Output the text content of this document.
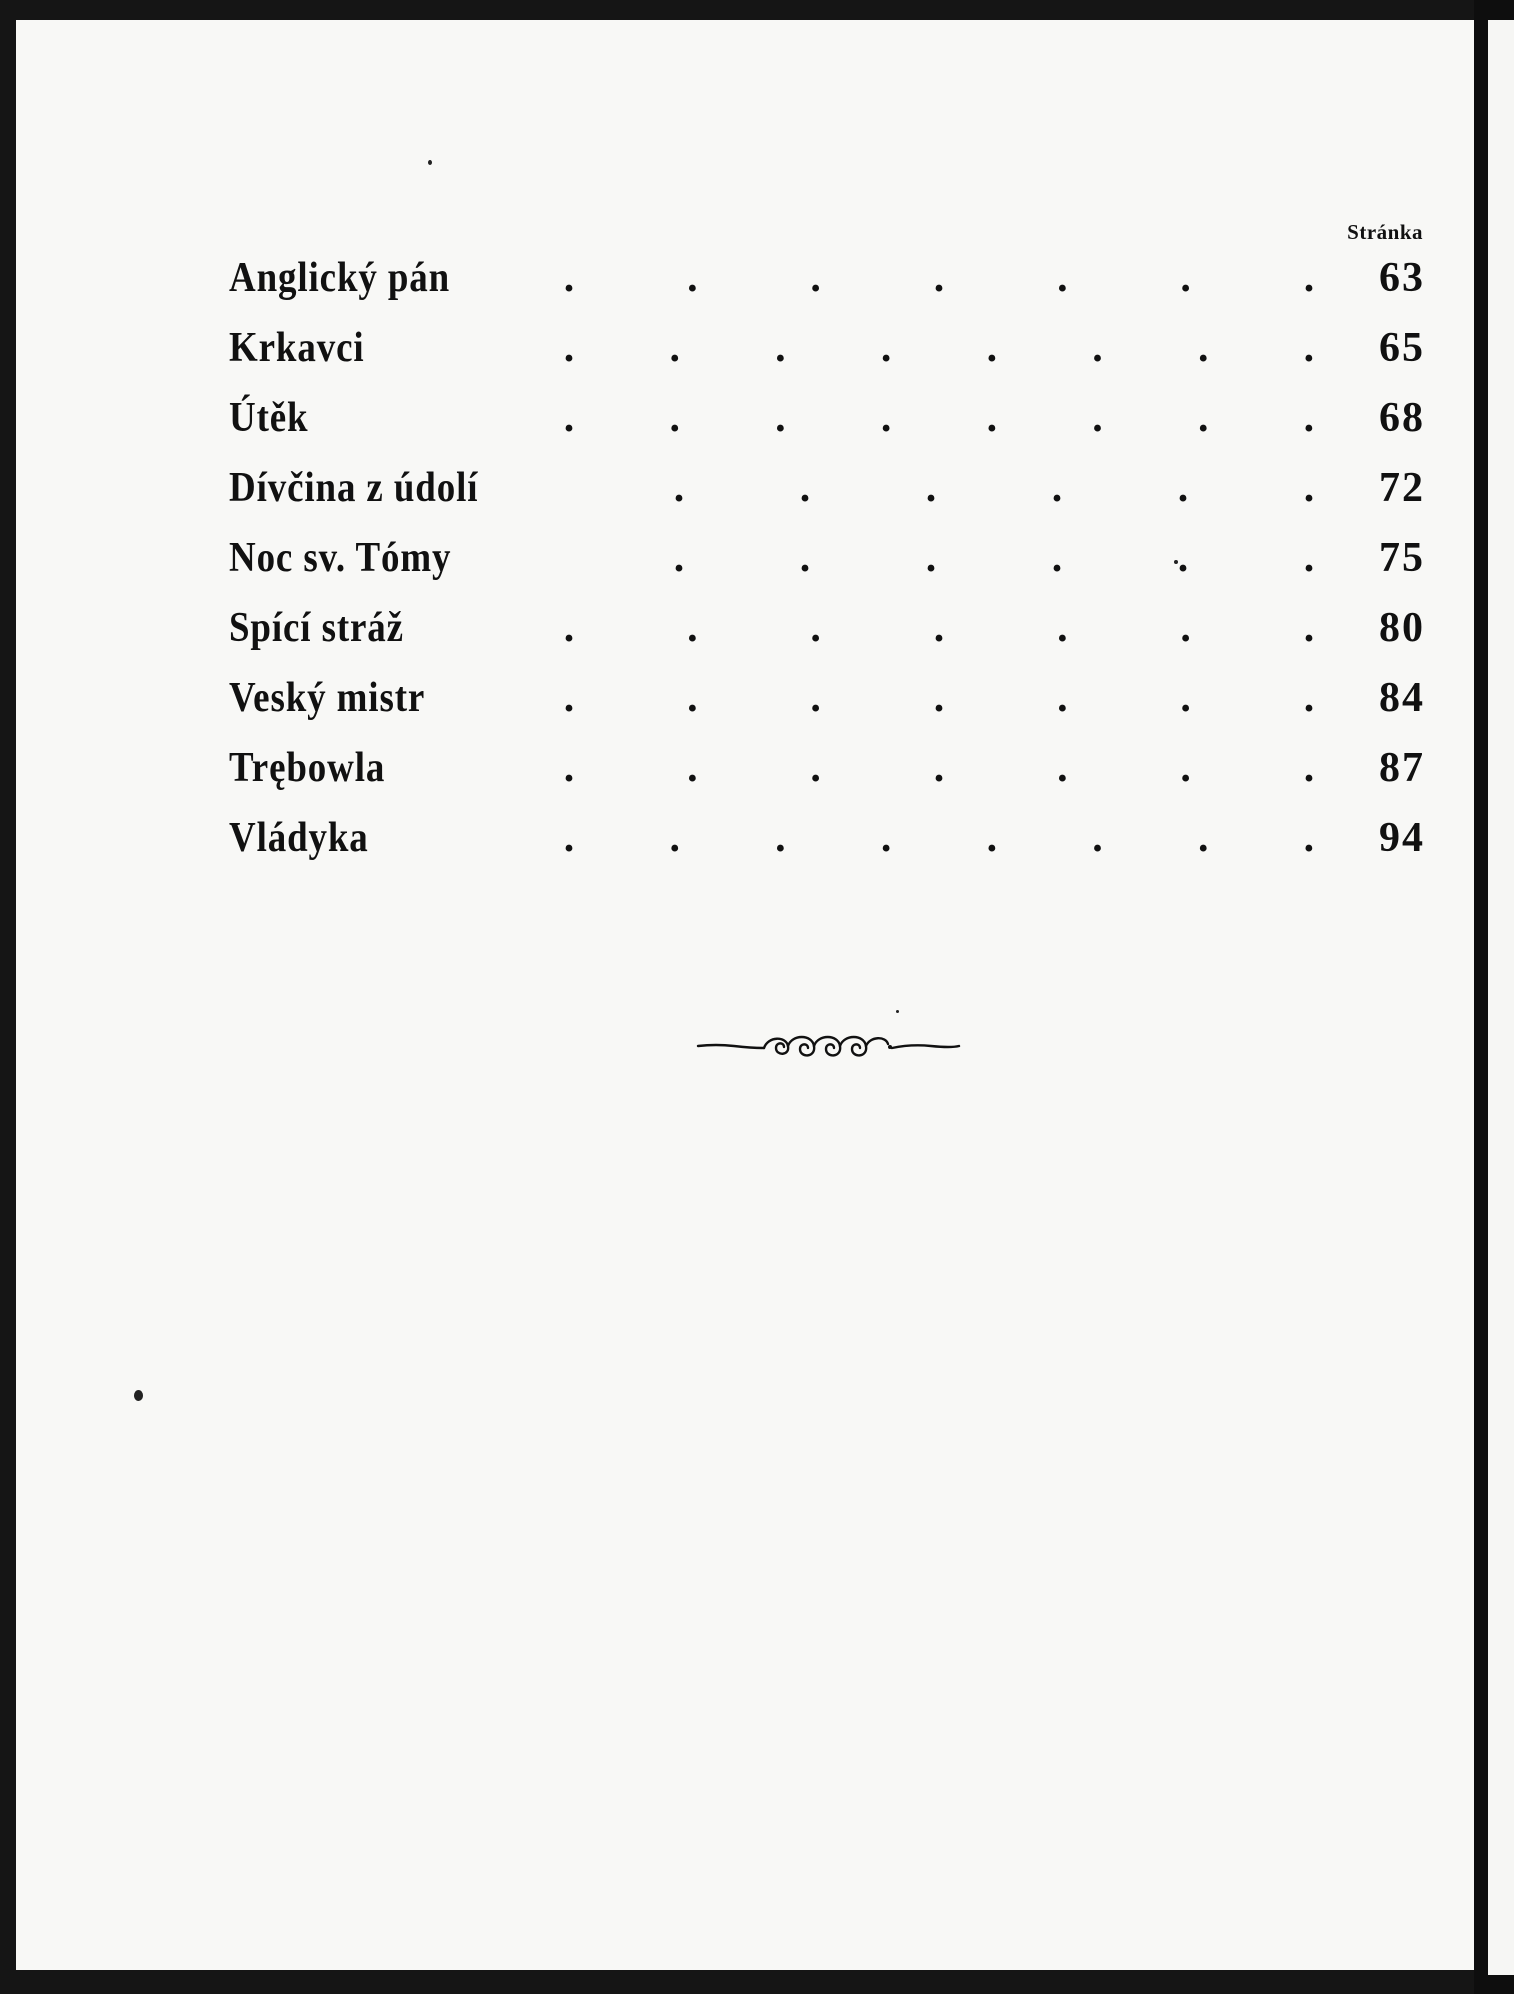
Stránka
Anglický pán	.	.	.	.	.	.	.	63
Krkavci	.	.	.	.	.	.	.	.	65
Útěk	.	.	.	.	.	.	.	.	68
Dívčina z údolí	.	.	.	.	.	.	72
Noc sv. Tómy	.	.	.	.	.	.	75
Spící stráž	.	.	.	.	.	.	.	80
Veský mistr	.	.	.	.	.	.	.	84
Trębowla	.	.	.	.	.	.	.	87
Vládyka	.	.	.	.	.	.	.	.	94
